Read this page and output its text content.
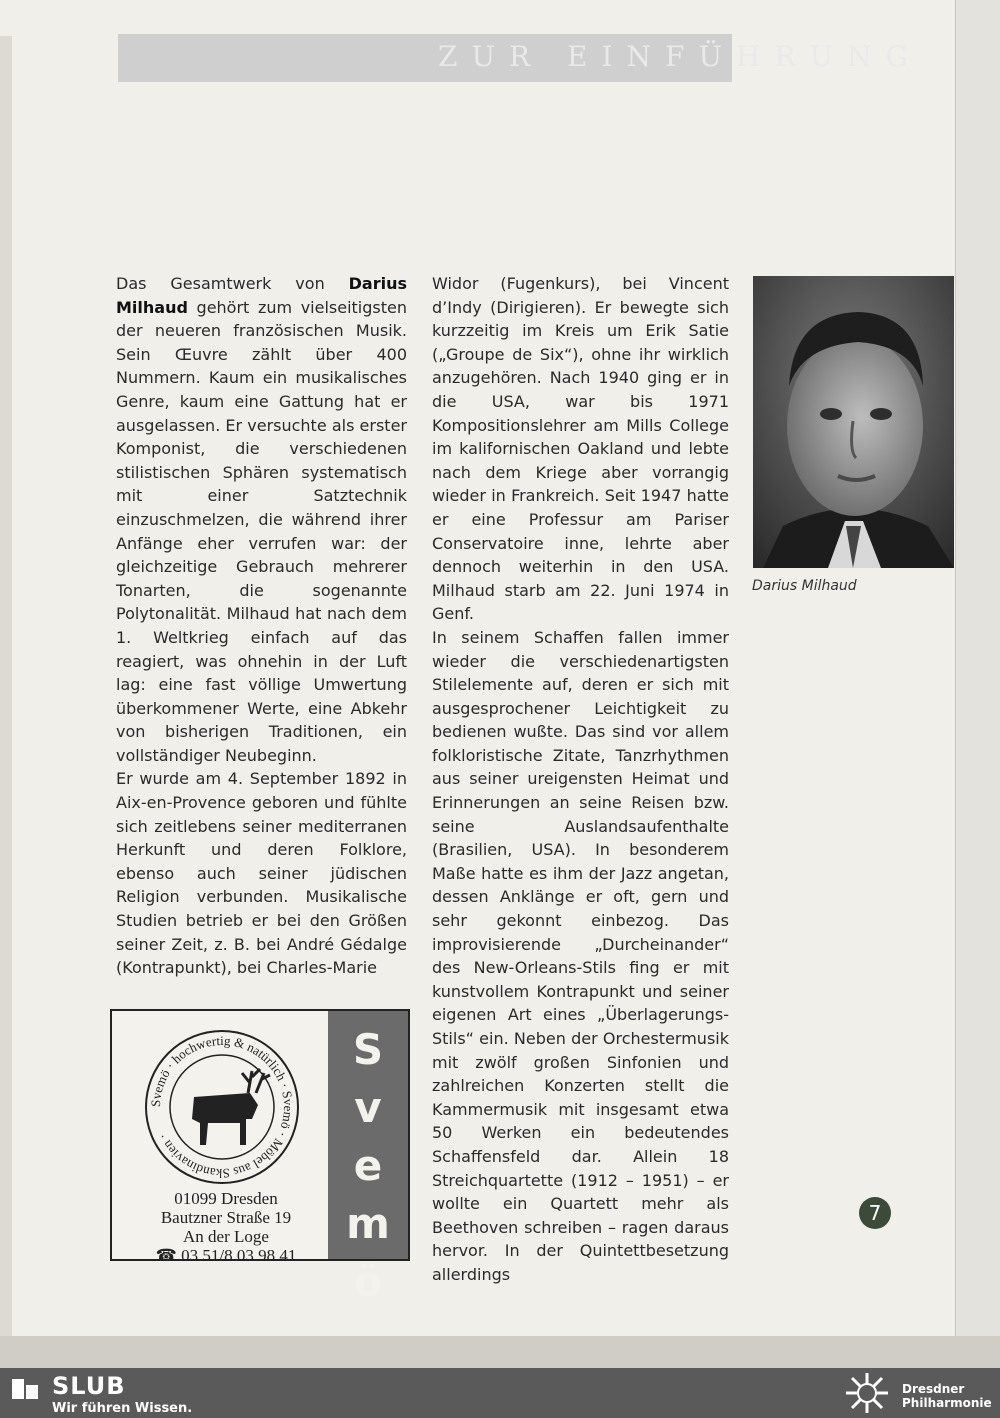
ZUR EINFÜHRUNG

Das Gesamtwerk von Darius Milhaud gehört zum vielseitigsten der neueren französischen Musik. Sein Œuvre zählt über 400 Nummern. Kaum ein musikalisches Genre, kaum eine Gattung hat er ausgelassen. Er versuchte als erster Komponist, die verschiedenen stilistischen Sphären systematisch mit einer Satztechnik einzuschmelzen, die während ihrer Anfänge eher verrufen war: der gleichzeitige Gebrauch mehrerer Tonarten, die sogenannte Polytonalität. Milhaud hat nach dem 1. Weltkrieg einfach auf das reagiert, was ohnehin in der Luft lag: eine fast völlige Umwertung überkommener Werte, eine Abkehr von bisherigen Traditionen, ein vollständiger Neubeginn.

Er wurde am 4. September 1892 in Aix-en-Provence geboren und fühlte sich zeitlebens seiner mediterranen Herkunft und deren Folklore, ebenso auch seiner jüdischen Religion verbunden. Musikalische Studien betrieb er bei den Größen seiner Zeit, z. B. bei André Gédalge (Kontrapunkt), bei Charles-Marie

Widor (Fugenkurs), bei Vincent d’Indy (Dirigieren). Er bewegte sich kurzzeitig im Kreis um Erik Satie („Groupe de Six“), ohne ihr wirklich anzugehören. Nach 1940 ging er in die USA, war bis 1971 Kompositionslehrer am Mills College im kalifornischen Oakland und lebte nach dem Kriege aber vorrangig wieder in Frankreich. Seit 1947 hatte er eine Professur am Pariser Conservatoire inne, lehrte aber dennoch weiterhin in den USA. Milhaud starb am 22. Juni 1974 in Genf.

In seinem Schaffen fallen immer wieder die verschiedenartigsten Stilelemente auf, deren er sich mit ausgesprochener Leichtigkeit zu bedienen wußte. Das sind vor allem folkloristische Zitate, Tanzrhythmen aus seiner ureigensten Heimat und Erinnerungen an seine Reisen bzw. seine Auslandsaufenthalte (Brasilien, USA). In besonderem Maße hatte es ihm der Jazz angetan, dessen Anklänge er oft, gern und sehr gekonnt einbezog. Das improvisierende „Durcheinander“ des New-Orleans-Stils fing er mit kunstvollem Kontrapunkt und seiner eigenen Art eines „Überlagerungs-Stils“ ein. Neben der Orchestermusik mit zwölf großen Sinfonien und zahlreichen Konzerten stellt die Kammermusik mit insgesamt etwa 50 Werken ein bedeutendes Schaffensfeld dar. Allein 18 Streichquartette (1912 – 1951) – er wollte ein Quartett mehr als Beethoven schreiben – ragen daraus hervor. In der Quintettbesetzung allerdings

Darius Milhaud
Svemö · hochwertig & natürlich · Svemö · Möbel aus Skandinavien ·
01099 Dresden
Bautzner Straße 19
An der Loge
☎ 03 51/8 03 98 41
S
v
e
m
ö
7
SLUB
Wir führen Wissen.
Dresdner
Philharmonie
